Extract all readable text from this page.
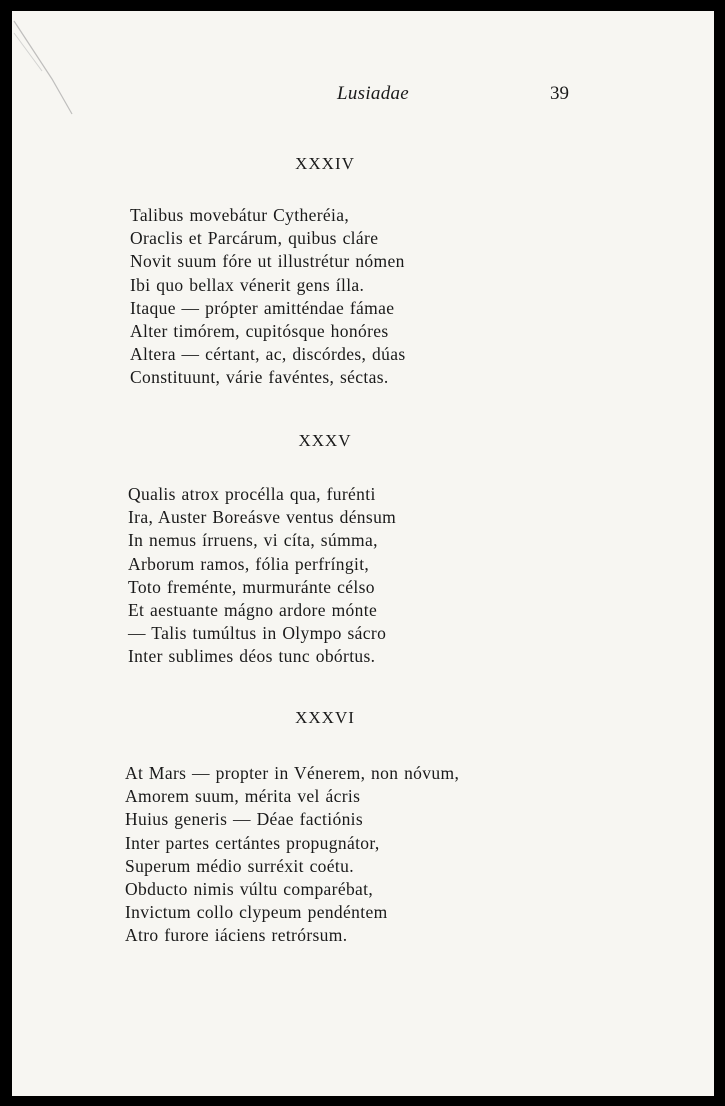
Lusiadae	39
XXXIV
Talibus movebátur Cytheréia,
Oraclis et Parcárum, quibus cláre
Novit suum fóre ut illustrétur nómen
Ibi quo bellax vénerit gens ílla.
Itaque — própter amitténdae fámae
Alter timórem, cupitósque honóres
Altera — cértant, ac, discórdes, dúas
Constituunt, várie favéntes, séctas.
XXXV
Qualis atrox procélla qua, furénti
Ira, Auster Boreásve ventus dénsum
In nemus írruens, vi cíta, súmma,
Arborum ramos, fólia perfríngit,
Toto freménte, murmuránte célso
Et aestuante mágno ardore mónte
— Talis tumúltus in Olympo sácro
Inter sublimes déos tunc obórtus.
XXXVI
At Mars — propter in Vénerem, non nóvum,
Amorem suum, mérita vel ácris
Huius generis — Déae factiónis
Inter partes certántes propugnátor,
Superum médio surréxit coétu.
Obducto nimis vúltu comparébat,
Invictum collo clypeum pendéntem
Atro furore iáciens retrórsum.
